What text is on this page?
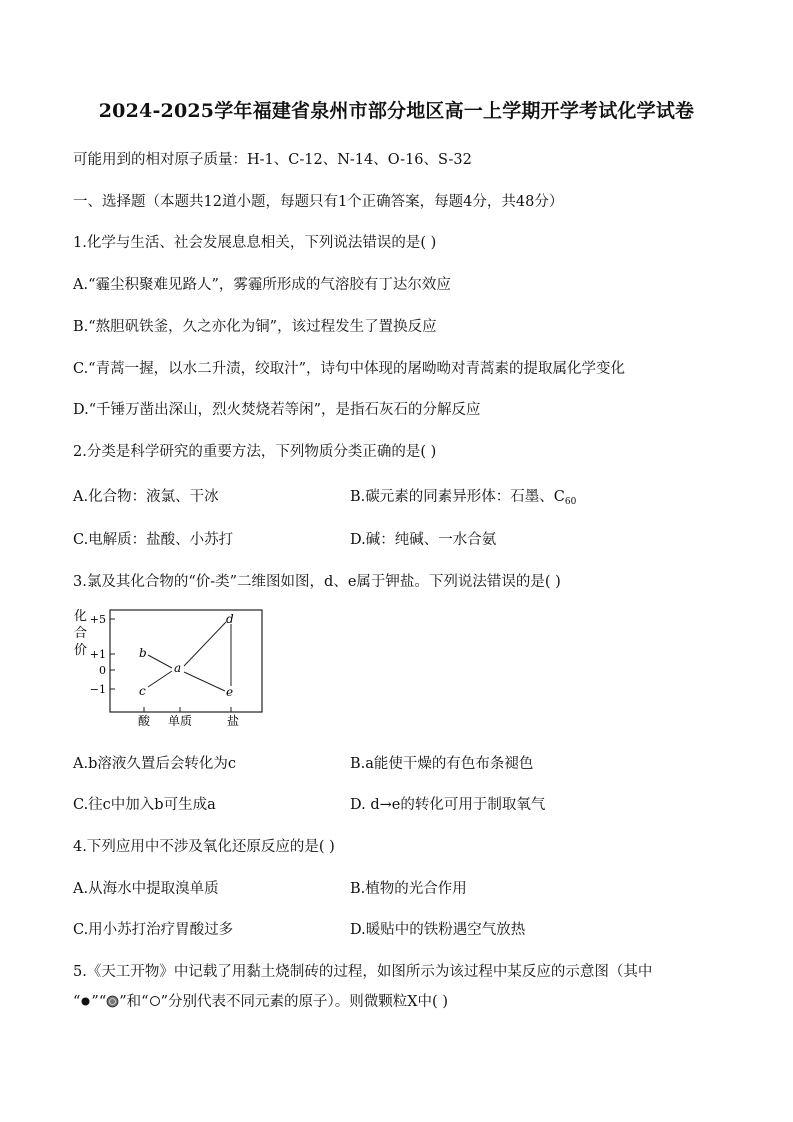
2024-2025学年福建省泉州市部分地区高一上学期开学考试化学试卷
可能用到的相对原子质量：H-1、C-12、N-14、O-16、S-32
一、选择题（本题共12道小题，每题只有1个正确答案，每题4分，共48分）
1.化学与生活、社会发展息息相关，下列说法错误的是( )
A.“霾尘积聚难见路人”，雾霾所形成的气溶胶有丁达尔效应
B.“熬胆矾铁釜，久之亦化为铜”，该过程发生了置换反应
C.“青蒿一握，以水二升渍，绞取汁”，诗句中体现的屠呦呦对青蒿素的提取属化学变化
D.“千锤万凿出深山，烈火焚烧若等闲”，是指石灰石的分解反应
2.分类是科学研究的重要方法，下列物质分类正确的是( )
A.化合物：液氯、干冰	B.碳元素的同素异形体：石墨、$C_{60}$
C.电解质：盐酸、小苏打	D.碱：纯碱、一水合氨
3.氯及其化合物的“价-类”二维图如图，d、e属于钾盐。下列说法错误的是( )
化
合
价
+5
+1
0
−1
酸 单质	盐
b
c
a
d
e
A.b溶液久置后会转化为c	B.a能使干燥的有色布条褪色
C.往c中加入b可生成a	D. d→e的转化可用于制取氧气
4.下列应用中不涉及氧化还原反应的是( )
A.从海水中提取溴单质	B.植物的光合作用
C.用小苏打治疗胃酸过多	D.暖贴中的铁粉遇空气放热
5.《天工开物》中记载了用黏土烧制砖的过程，如图所示为该过程中某反应的示意图（其中
“ ”“ ”和“ ”分别代表不同元素的原子）。则微颗粒X中( )
